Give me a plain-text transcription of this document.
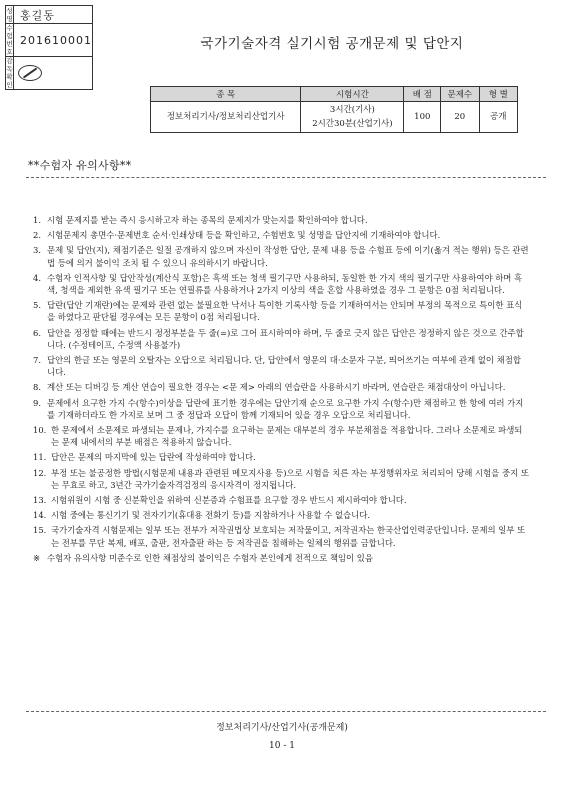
성명	홍길동
수험
번호	201610001
감독
확인	
국가기술자격 실기시험 공개문제 및 답안지
종 목	시험시간	배 점	문제수	형 별
정보처리기사/정보처리산업기사	3시간(기사)
2시간30분(산업기사)	100	20	공개
**수험자 유의사항**
1. 시험 문제지를 받는 즉시 응시하고자 하는 종목의 문제지가 맞는지를 확인하여야 합니다.
2. 시험문제지 총면수·문제번호 순서·인쇄상태 등을 확인하고, 수험번호 및 성명을 답안지에 기재하여야 합니다.
3. 문제 및 답안(지), 채점기준은 일절 공개하지 않으며 자신이 작성한 답안, 문제 내용 등을 수험표 등에 이기(옮겨 적는 행위) 등은 관련 법 등에 의거 불이익 조치 될 수 있으니 유의하시기 바랍니다.
4. 수험자 인적사항 및 답안작성(계산식 포함)은 흑색 또는 청색 필기구만 사용하되, 동일한 한 가지 색의 필기구만 사용하여야 하며 흑색, 청색을 제외한 유색 필기구 또는 연필류를 사용하거나 2가지 이상의 색을 혼합 사용하였을 경우 그 문항은 0점 처리됩니다.
5. 답란(답안 기재란)에는 문제와 관련 없는 불필요한 낙서나 특이한 기록사항 등을 기재하여서는 안되며 부정의 목적으로 특이한 표식을 하였다고 판단될 경우에는 모든 문항이 0점 처리됩니다.
6. 답안을 정정할 때에는 반드시 정정부분을 두 줄(=)로 그어 표시하여야 하며, 두 줄로 긋지 않은 답안은 정정하지 않은 것으로 간주합니다. (수정테이프, 수정액 사용불가)
7. 답안의 한글 또는 영문의 오탈자는 오답으로 처리됩니다. 단, 답안에서 영문의 대·소문자 구분, 띄어쓰기는 여부에 관계 없이 채점합니다.
8. 계산 또는 디버깅 등 계산 연습이 필요한 경우는 <문 제> 아래의 연습란을 사용하시기 바라며, 연습란은 채점대상이 아닙니다.
9. 문제에서 요구한 가지 수(항수)이상을 답란에 표기한 경우에는 답안기재 순으로 요구한 가지 수(항수)만 채점하고 한 항에 여러 가지를 기재하더라도 한 가지로 보며 그 중 정답과 오답이 함께 기재되어 있을 경우 오답으로 처리됩니다.
10. 한 문제에서 소문제로 파생되는 문제나, 가지수를 요구하는 문제는 대부분의 경우 부분채점을 적용합니다. 그러나 소문제로 파생되는 문제 내에서의 부분 배점은 적용하지 않습니다.
11. 답안은 문제의 마지막에 있는 답란에 작성하여야 합니다.
12. 부정 또는 불공정한 방법(시험문제 내용과 관련된 메모지사용 등)으로 시험을 치른 자는 부정행위자로 처리되어 당해 시험을 중지 또는 무효로 하고, 3년간 국가기술자격검정의 응시자격이 정지됩니다.
13. 시험위원이 시험 중 신분확인을 위하여 신분증과 수험표를 요구할 경우 반드시 제시하여야 합니다.
14. 시험 중에는 통신기기 및 전자기기(휴대용 전화기 등)를 지참하거나 사용할 수 없습니다.
15. 국가기술자격 시험문제는 일부 또는 전부가 저작권법상 보호되는 저작물이고, 저작권자는 한국산업인력공단입니다. 문제의 일부 또는 전부를 무단 복제, 배포, 출판, 전자출판 하는 등 저작권을 침해하는 일체의 행위를 금합니다.
※ 수험자 유의사항 미준수로 인한 채점상의 불이익은 수험자 본인에게 전적으로 책임이 있음
정보처리기사/산업기사(공개문제)
10 - 1
